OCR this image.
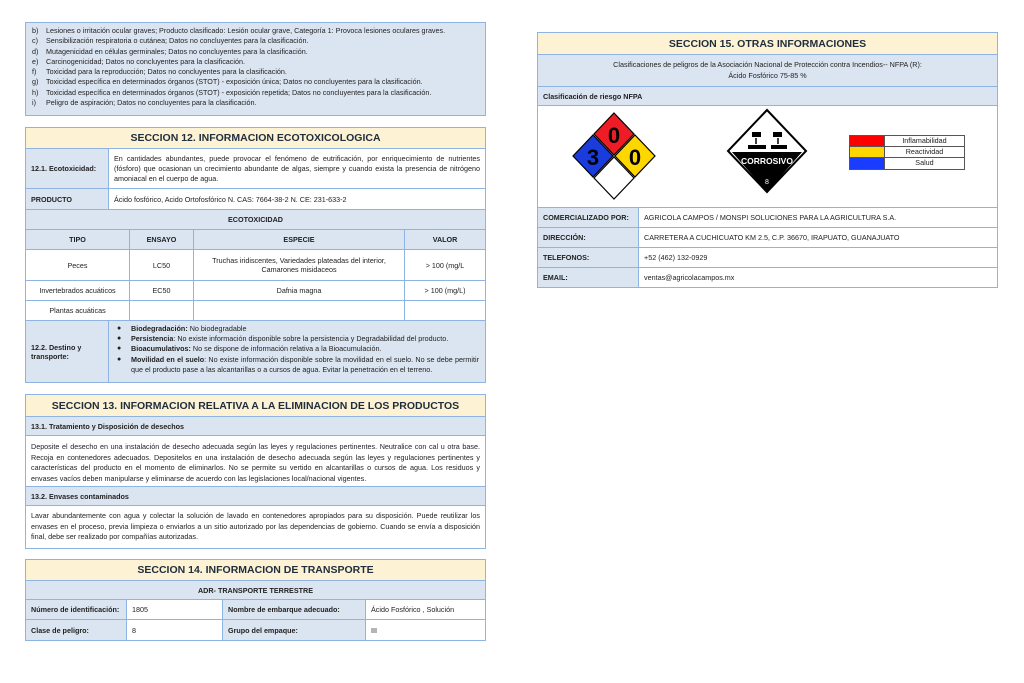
b)	Lesiones o irritación ocular graves; Producto clasificado: Lesión ocular grave, Categoría 1: Provoca lesiones oculares graves.
c)	Sensibilización respiratoria o cutánea; Datos no concluyentes para la clasificación.
d)	Mutagenicidad en células germinales; Datos no concluyentes para la clasificación.
e)	Carcinogenicidad; Datos no concluyentes para la clasificación.
f)	Toxicidad para la reproducción; Datos no concluyentes para la clasificación.
g)	Toxicidad específica en determinados órganos (STOT) - exposición única; Datos no concluyentes para la clasificación.
h)	Toxicidad específica en determinados órganos (STOT) - exposición repetida; Datos no concluyentes para la clasificación.
i)	Peligro de aspiración; Datos no concluyentes para la clasificación.
SECCION 12. INFORMACION ECOTOXICOLOGICA
12.1. Ecotoxicidad:
En cantidades abundantes, puede provocar el fenómeno de eutrificación, por enriquecimiento de nutrientes (fósforo) que ocasionan un crecimiento abundante de algas, siempre y cuando exista la presencia de nitrógeno amoniacal en el cuerpo de agua.
PRODUCTO	Ácido fosfórico, Acido Ortofosfórico N. CAS: 7664-38-2 N. CE: 231-633-2
ECOTOXICIDAD
TIPO	ENSAYO	ESPECIE	VALOR
Peces	LC50	Truchas iridiscentes, Variedades plateadas del interior, Camarones misidaceos	> 100 (mg/L
Invertebrados acuáticos	EC50	Dafnia magna	> 100 (mg/L)
Plantas acuáticas
12.2. Destino y transporte:
● Biodegradación: No biodegradable
● Persistencia: No existe información disponible sobre la persistencia y Degradabilidad del producto.
● Bioacumulativos: No se dispone de información relativa a la Bioacumulación.
● Movilidad en el suelo: No existe información disponible sobre la movilidad en el suelo. No se debe permitir que el producto pase a las alcantarillas o a cursos de agua. Evitar la penetración en el terreno.
SECCION 13. INFORMACION RELATIVA A LA ELIMINACION DE LOS PRODUCTOS
13.1. Tratamiento y Disposición de desechos
Deposite el desecho en una instalación de desecho adecuada según las leyes y regulaciones pertinentes. Neutralice con cal u otra base. Recoja en contenedores adecuados. Depositelos en una instalación de desecho adecuada según las leyes y regulaciones pertinentes y características del producto en el momento de eliminarlos. No se permite su vertido en alcantarillas o cursos de agua. Los residuos y envases vacíos deben manipularse y eliminarse de acuerdo con las legislaciones local/nacional vigentes.
13.2. Envases contaminados
Lavar abundantemente con agua y colectar la solución de lavado en contenedores apropiados para su disposición. Puede reutilizar los envases en el proceso, previa limpieza o enviarlos a un sitio autorizado por las dependencias de gobierno. Cuando se envía a disposición final, debe ser realizado por compañías autorizadas.
SECCION 14. INFORMACION DE TRANSPORTE
ADR- TRANSPORTE TERRESTRE
Número de identificación:	1805	Nombre de embarque adecuado:	Ácido Fosfórico , Solución
Clase de peligro:	8	Grupo del empaque:	III
SECCION 15. OTRAS INFORMACIONES
Clasificaciones de peligros de la Asociación Nacional de Protección contra Incendios-- NFPA (R):
Ácido Fosfórico 75-85 %
Clasificación de riesgo NFPA
0
3 0	CORROSIVO
8
Inflamabilidad
Reactividad
Salud
COMERCIALIZADO POR:	AGRICOLA CAMPOS / MONSPI SOLUCIONES PARA LA AGRICULTURA S.A.
DIRECCIÓN:	CARRETERA A CUCHICUATO KM 2.5, C.P. 36670, IRAPUATO, GUANAJUATO
TELEFONOS:	+52 (462) 132-0929
EMAIL:	ventas@agricolacampos.mx
